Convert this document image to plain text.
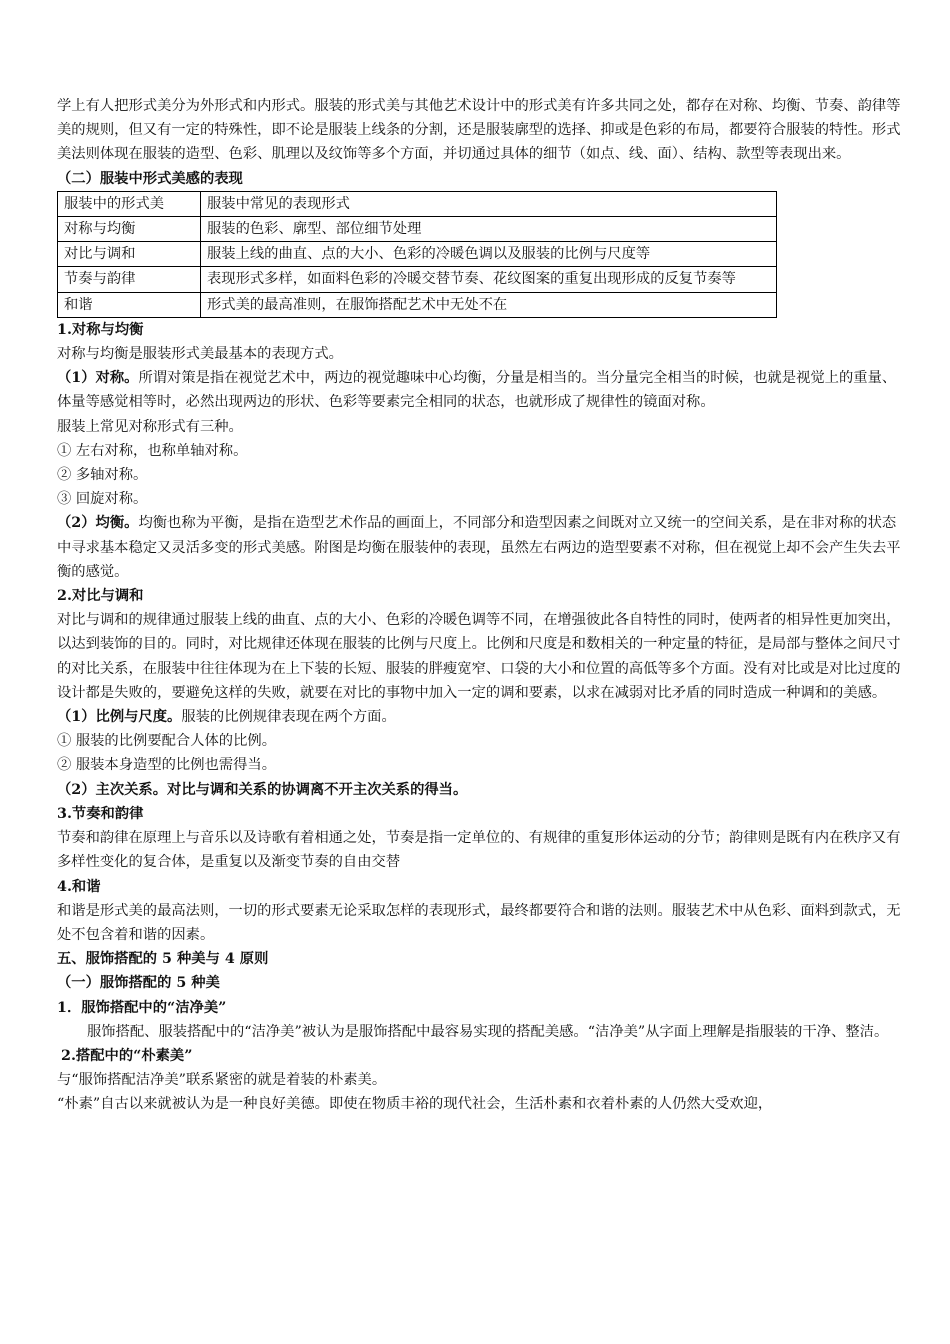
学上有人把形式美分为外形式和内形式。服装的形式美与其他艺术设计中的形式美有许多共同之处，都存在对称、均衡、节奏、韵律等美的规则，但又有一定的特殊性，即不论是服装上线条的分割，还是服装廓型的选择、抑或是色彩的布局，都要符合服装的特性。形式美法则体现在服装的造型、色彩、肌理以及纹饰等多个方面，并切通过具体的细节（如点、线、面）、结构、款型等表现出来。

（二）服装中形式美感的表现

服装中的形式美	服装中常见的表现形式
对称与均衡	服装的色彩、廓型、部位细节处理
对比与调和	服装上线的曲直、点的大小、色彩的冷暖色调以及服装的比例与尺度等
节奏与韵律	表现形式多样，如面料色彩的冷暖交替节奏、花纹图案的重复出现形成的反复节奏等
和谐	形式美的最高准则，在服饰搭配艺术中无处不在

1.对称与均衡

对称与均衡是服装形式美最基本的表现方式。

（1）对称。所谓对策是指在视觉艺术中，两边的视觉趣味中心均衡，分量是相当的。当分量完全相当的时候，也就是视觉上的重量、体量等感觉相等时，必然出现两边的形状、色彩等要素完全相同的状态，也就形成了规律性的镜面对称。

服装上常见对称形式有三种。

① 左右对称，也称单轴对称。

② 多轴对称。

③ 回旋对称。

（2）均衡。均衡也称为平衡，是指在造型艺术作品的画面上，不同部分和造型因素之间既对立又统一的空间关系，是在非对称的状态中寻求基本稳定又灵活多变的形式美感。附图是均衡在服装仲的表现，虽然左右两边的造型要素不对称，但在视觉上却不会产生失去平衡的感觉。

2.对比与调和

对比与调和的规律通过服装上线的曲直、点的大小、色彩的冷暖色调等不同，在增强彼此各自特性的同时，使两者的相异性更加突出，以达到装饰的目的。同时，对比规律还体现在服装的比例与尺度上。比例和尺度是和数相关的一种定量的特征，是局部与整体之间尺寸的对比关系，在服装中往往体现为在上下装的长短、服装的胖瘦宽窄、口袋的大小和位置的高低等多个方面。没有对比或是对比过度的设计都是失败的，要避免这样的失败，就要在对比的事物中加入一定的调和要素，以求在减弱对比矛盾的同时造成一种调和的美感。

（1）比例与尺度。服装的比例规律表现在两个方面。

① 服装的比例要配合人体的比例。

② 服装本身造型的比例也需得当。

（2）主次关系。对比与调和关系的协调离不开主次关系的得当。

3.节奏和韵律

节奏和韵律在原理上与音乐以及诗歌有着相通之处，节奏是指一定单位的、有规律的重复形体运动的分节；韵律则是既有内在秩序又有多样性变化的复合体，是重复以及渐变节奏的自由交替

4.和谐

和谐是形式美的最高法则，一切的形式要素无论采取怎样的表现形式，最终都要符合和谐的法则。服装艺术中从色彩、面料到款式，无处不包含着和谐的因素。

五、服饰搭配的 5 种美与 4 原则

（一）服饰搭配的 5 种美

1．服饰搭配中的“洁净美”

服饰搭配、服装搭配中的“洁净美”被认为是服饰搭配中最容易实现的搭配美感。“洁净美”从字面上理解是指服装的干净、整洁。

2.搭配中的“朴素美”

与“服饰搭配洁净美”联系紧密的就是着装的朴素美。

“朴素”自古以来就被认为是一种良好美德。即使在物质丰裕的现代社会，生活朴素和衣着朴素的人仍然大受欢迎，
